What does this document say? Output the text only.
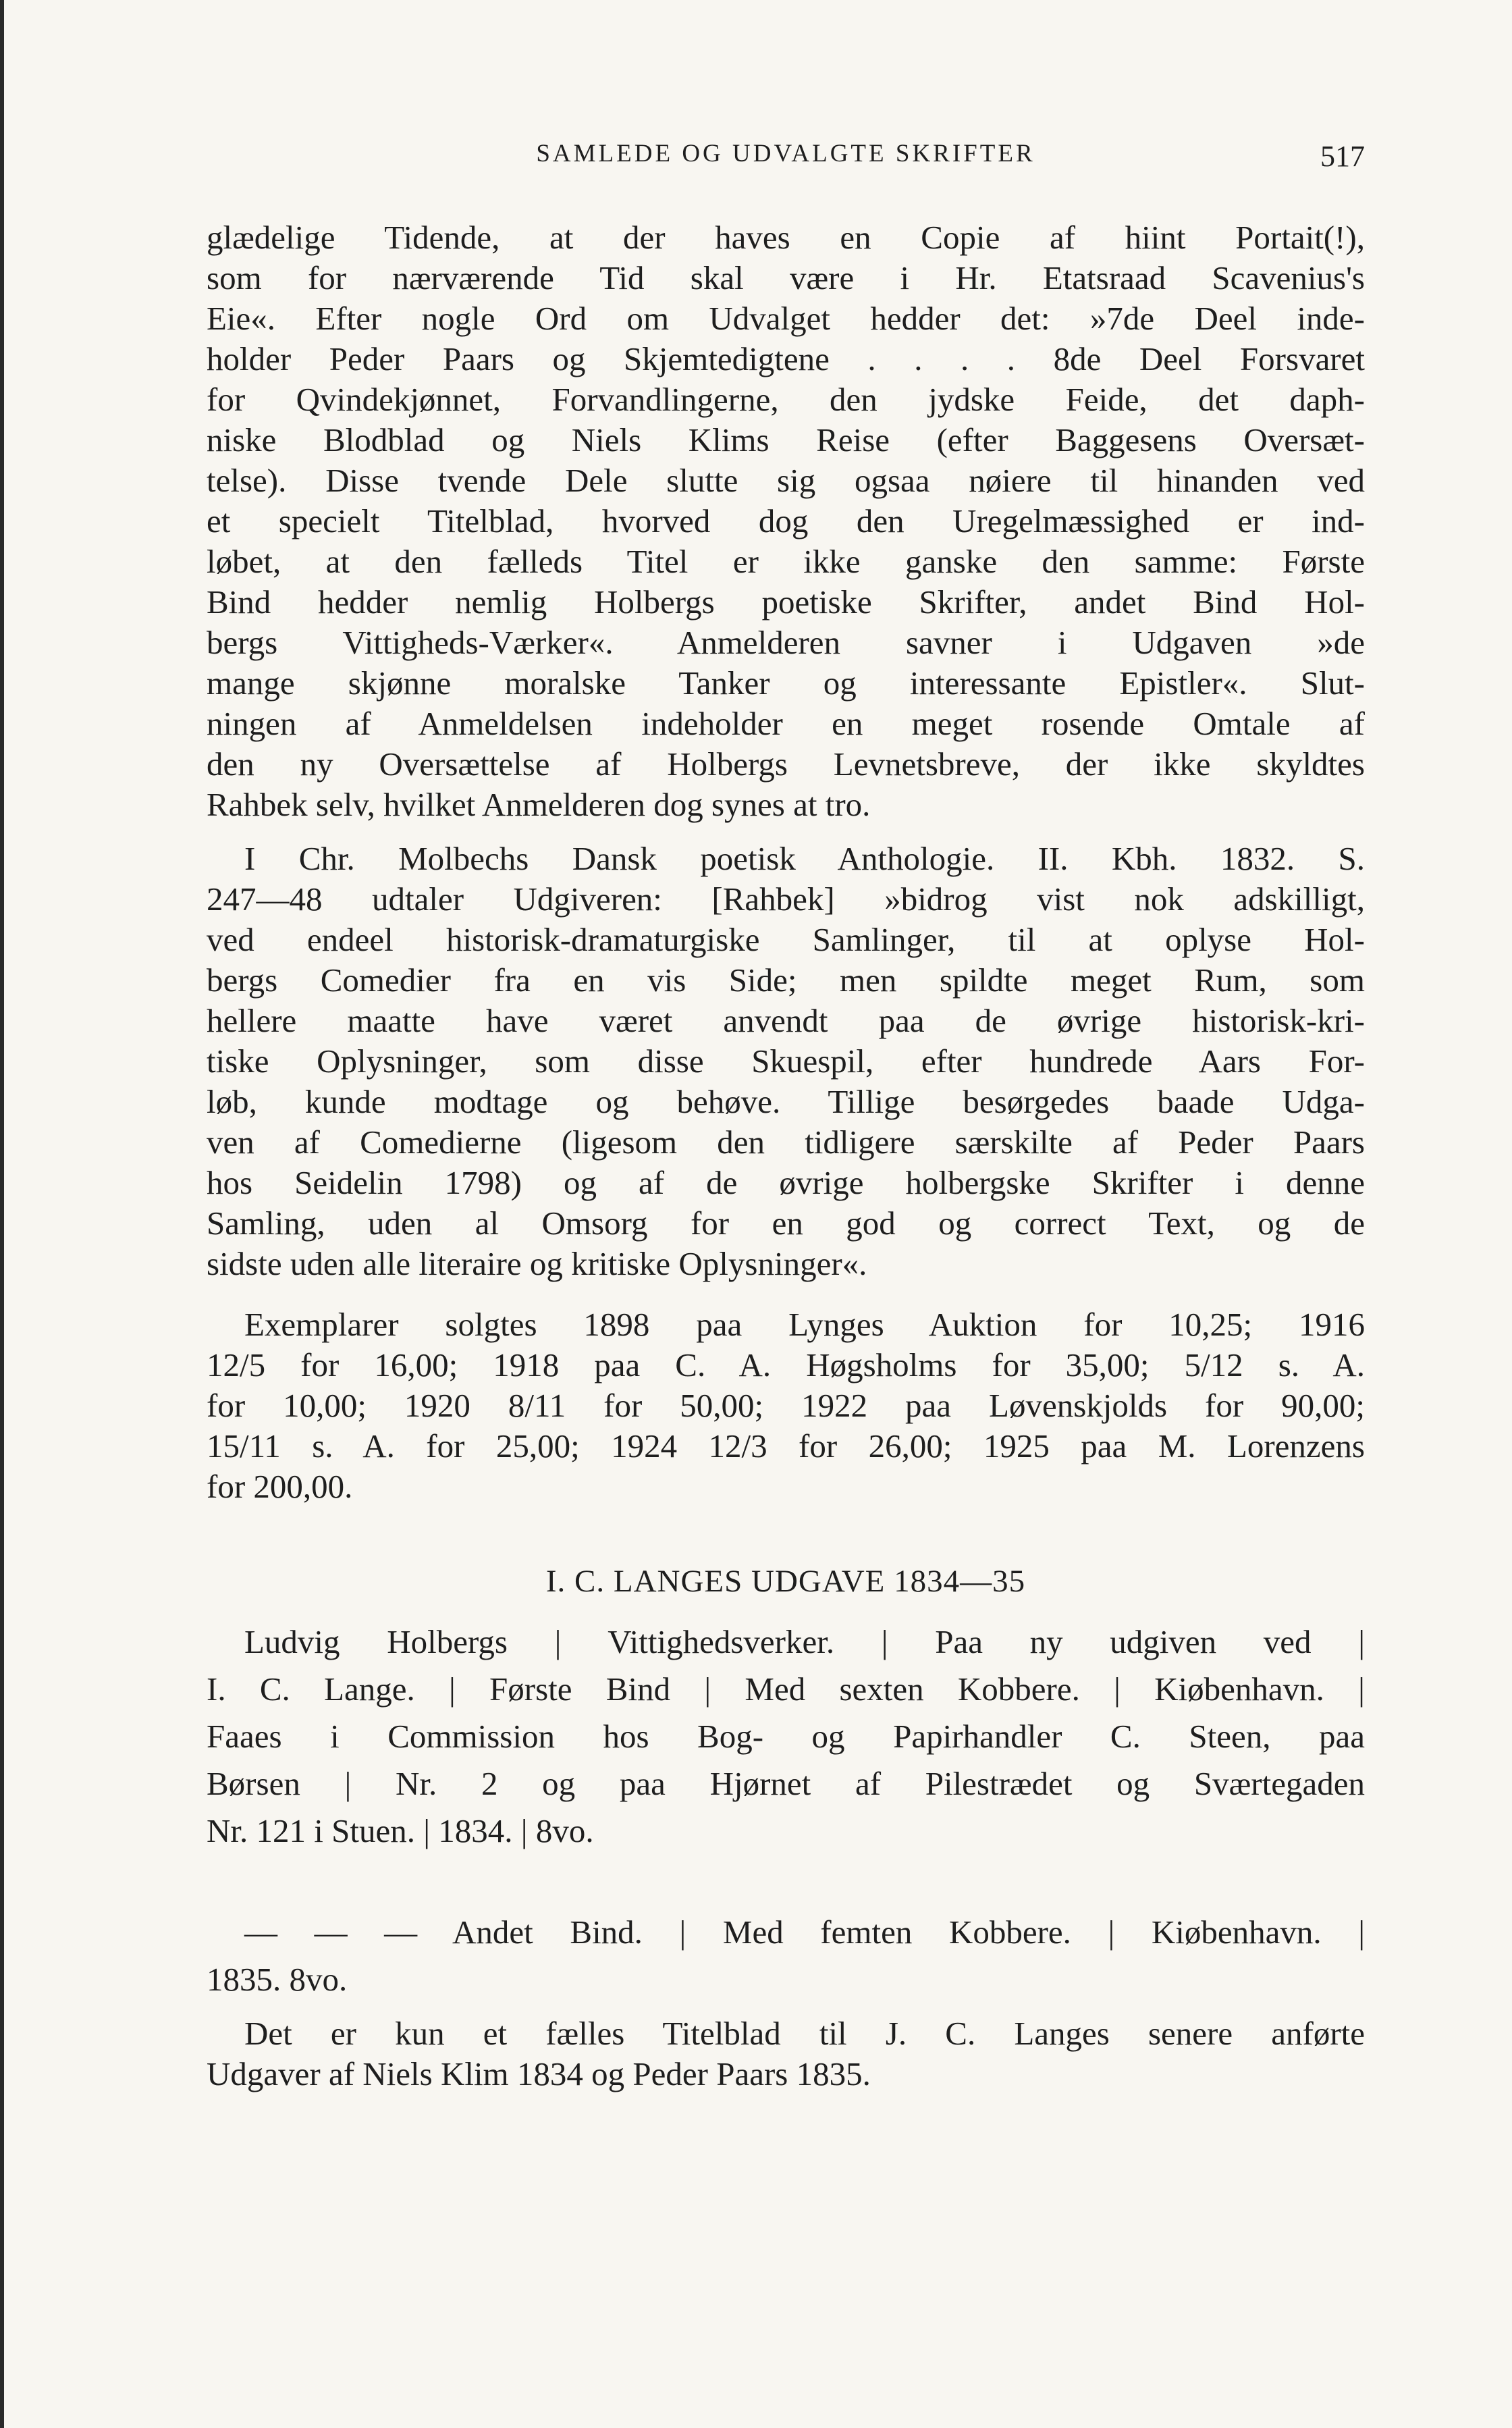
SAMLEDE OG UDVALGTE SKRIFTER	517
glædelige Tidende, at der haves en Copie af hiint Portait(!),
som for nærværende Tid skal være i Hr. Etatsraad Scavenius's
Eie«. Efter nogle Ord om Udvalget hedder det: »7de Deel inde-
holder Peder Paars og Skjemtedigtene . . . . 8de Deel Forsvaret
for Qvindekjønnet, Forvandlingerne, den jydske Feide, det daph-
niske Blodblad og Niels Klims Reise (efter Baggesens Oversæt-
telse). Disse tvende Dele slutte sig ogsaa nøiere til hinanden ved
et specielt Titelblad, hvorved dog den Uregelmæssighed er ind-
løbet, at den fælleds Titel er ikke ganske den samme: Første
Bind hedder nemlig Holbergs poetiske Skrifter, andet Bind Hol-
bergs Vittigheds-Værker«. Anmelderen savner i Udgaven »de
mange skjønne moralske Tanker og interessante Epistler«. Slut-
ningen af Anmeldelsen indeholder en meget rosende Omtale af
den ny Oversættelse af Holbergs Levnetsbreve, der ikke skyldtes
Rahbek selv, hvilket Anmelderen dog synes at tro.
I Chr. Molbechs Dansk poetisk Anthologie. II. Kbh. 1832. S.
247—48 udtaler Udgiveren: [Rahbek] »bidrog vist nok adskilligt,
ved endeel historisk-dramaturgiske Samlinger, til at oplyse Hol-
bergs Comedier fra en vis Side; men spildte meget Rum, som
hellere maatte have været anvendt paa de øvrige historisk-kri-
tiske Oplysninger, som disse Skuespil, efter hundrede Aars For-
løb, kunde modtage og behøve. Tillige besørgedes baade Udga-
ven af Comedierne (ligesom den tidligere særskilte af Peder Paars
hos Seidelin 1798) og af de øvrige holbergske Skrifter i denne
Samling, uden al Omsorg for en god og correct Text, og de
sidste uden alle literaire og kritiske Oplysninger«.
Exemplarer solgtes 1898 paa Lynges Auktion for 10,25; 1916
12/5 for 16,00; 1918 paa C. A. Høgsholms for 35,00; 5/12 s. A.
for 10,00; 1920 8/11 for 50,00; 1922 paa Løvenskjolds for 90,00;
15/11 s. A. for 25,00; 1924 12/3 for 26,00; 1925 paa M. Lorenzens
for 200,00.
I. C. LANGES UDGAVE 1834—35
Ludvig Holbergs | Vittighedsverker. | Paa ny udgiven ved |
I. C. Lange. | Første Bind | Med sexten Kobbere. | Kiøbenhavn. |
Faaes i Commission hos Bog- og Papirhandler C. Steen, paa
Børsen | Nr. 2 og paa Hjørnet af Pilestrædet og Sværtegaden
Nr. 121 i Stuen. | 1834. | 8vo.
— — — Andet Bind. | Med femten Kobbere. | Kiøbenhavn. |
1835. 8vo.
Det er kun et fælles Titelblad til J. C. Langes senere anførte
Udgaver af Niels Klim 1834 og Peder Paars 1835.
